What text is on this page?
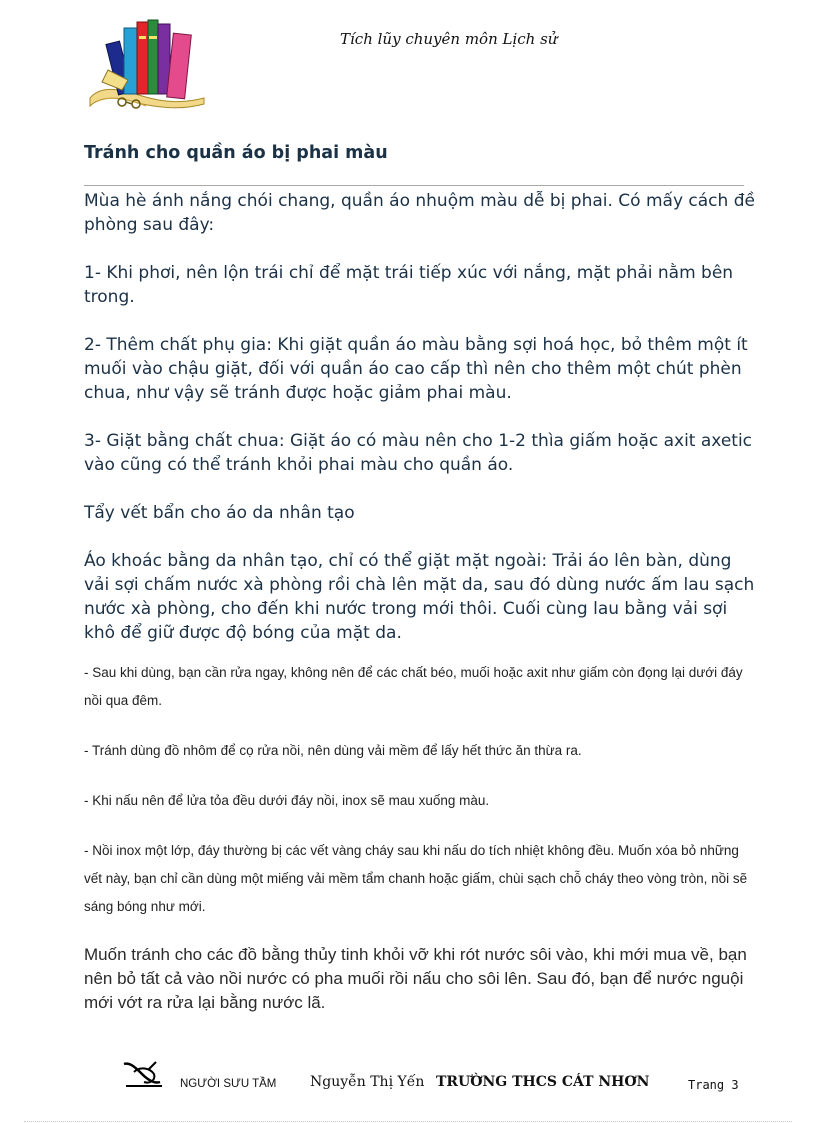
Tích lũy chuyên môn Lịch sử
Tránh cho quần áo bị phai màu

Mùa hè ánh nắng chói chang, quần áo nhuộm màu dễ bị phai. Có mấy cách đề phòng sau đây:

1- Khi phơi, nên lộn trái chỉ để mặt trái tiếp xúc với nắng, mặt phải nằm bên trong.

2- Thêm chất phụ gia: Khi giặt quần áo màu bằng sợi hoá học, bỏ thêm một ít muối vào chậu giặt, đối với quần áo cao cấp thì nên cho thêm một chút phèn chua, như vậy sẽ tránh được hoặc giảm phai màu.

3- Giặt bằng chất chua: Giặt áo có màu nên cho 1-2 thìa giấm hoặc axit axetic vào cũng có thể tránh khỏi phai màu cho quần áo.

Tẩy vết bẩn cho áo da nhân tạo

Áo khoác bằng da nhân tạo, chỉ có thể giặt mặt ngoài: Trải áo lên bàn, dùng vải sợi chấm nước xà phòng rồi chà lên mặt da, sau đó dùng nước ấm lau sạch nước xà phòng, cho đến khi nước trong mới thôi. Cuối cùng lau bằng vải sợi khô để giữ được độ bóng của mặt da.

- Sau khi dùng, bạn cần rửa ngay, không nên để các chất béo, muối hoặc axit như giấm còn đọng lại dưới đáy nồi qua đêm.

- Tránh dùng đồ nhôm để cọ rửa nồi, nên dùng vải mềm để lấy hết thức ăn thừa ra.

- Khi nấu nên để lửa tỏa đều dưới đáy nồi, inox sẽ mau xuống màu.

- Nồi inox một lớp, đáy thường bị các vết vàng cháy sau khi nấu do tích nhiệt không đều. Muốn xóa bỏ những vết này, bạn chỉ cần dùng một miếng vải mềm tẩm chanh hoặc giấm, chùi sạch chỗ cháy theo vòng tròn, nồi sẽ sáng bóng như mới.

Muốn tránh cho các đồ bằng thủy tinh khỏi vỡ khi rót nước sôi vào, khi mới mua về, bạn nên bỏ tất cả vào nồi nước có pha muối rồi nấu cho sôi lên. Sau đó, bạn để nước nguội mới vớt ra rửa lại bằng nước lã.

NGƯỜI SƯU TẦM Nguyễn Thị Yến TRƯỜNG THCS CÁT NHƠN	Trang 3
